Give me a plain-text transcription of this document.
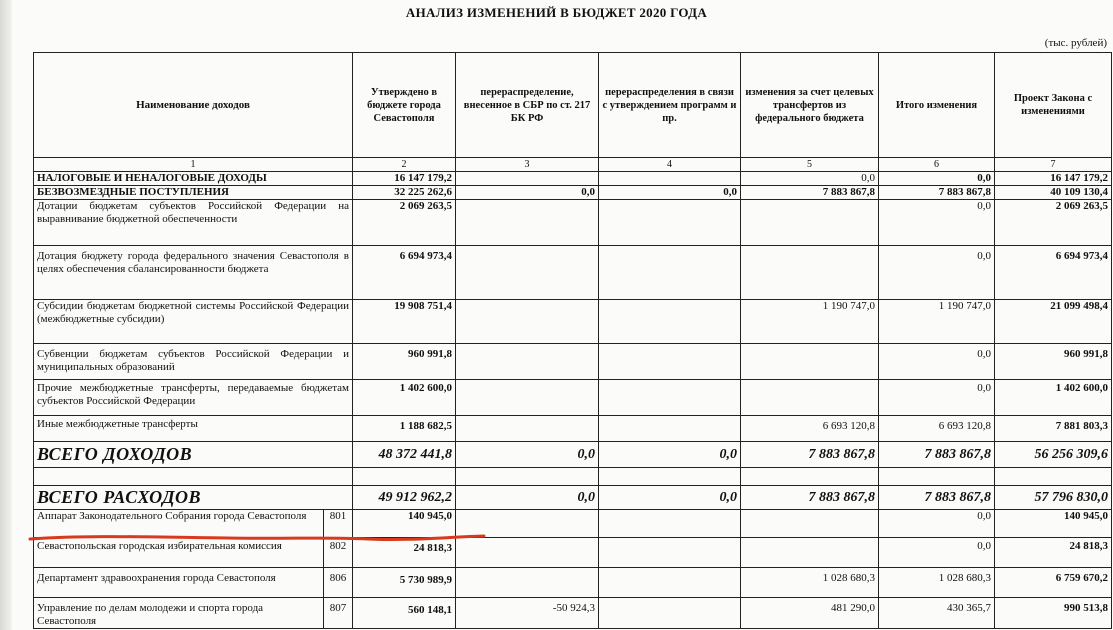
АНАЛИЗ ИЗМЕНЕНИЙ В БЮДЖЕТ 2020 ГОДА
(тыс. рублей)
Наименование доходов		Утверждено в бюджете города Севастополя	перераспределение, внесенное в СБР по ст. 217 БК РФ	перераспределения в связи с утверждением программ и пр.	изменения за счет целевых трансфертов из федерального бюджета	Итого изменения	Проект Закона с изменениями
1		2	3	4	5	6	7
НАЛОГОВЫЕ И НЕНАЛОГОВЫЕ ДОХОДЫ		16 147 179,2			0,0	0,0	16 147 179,2
БЕЗВОЗМЕЗДНЫЕ ПОСТУПЛЕНИЯ		32 225 262,6	0,0	0,0	7 883 867,8	7 883 867,8	40 109 130,4
Дотации бюджетам субъектов Российской Федерации на выравнивание бюджетной обеспеченности		2 069 263,5				0,0	2 069 263,5
Дотация бюджету города федерального значения Севастополя в целях обеспечения сбалансированности бюджета		6 694 973,4				0,0	6 694 973,4
Субсидии бюджетам бюджетной системы Российской Федерации (межбюджетные субсидии)		19 908 751,4			1 190 747,0	1 190 747,0	21 099 498,4
Субвенции бюджетам субъектов Российской Федерации и муниципальных образований		960 991,8				0,0	960 991,8
Прочие межбюджетные трансферты, передаваемые бюджетам субъектов Российской Федерации		1 402 600,0				0,0	1 402 600,0
Иные межбюджетные трансферты		1 188 682,5			6 693 120,8	6 693 120,8	7 881 803,3
ВСЕГО ДОХОДОВ		48 372 441,8	0,0	0,0	7 883 867,8	7 883 867,8	56 256 309,6

ВСЕГО РАСХОДОВ		49 912 962,2	0,0	0,0	7 883 867,8	7 883 867,8	57 796 830,0
Аппарат Законодательного Собрания города Севастополя	801	140 945,0				0,0	140 945,0
Севастопольская городская избирательная комиссия	802	24 818,3				0,0	24 818,3
Департамент здравоохранения города Севастополя	806	5 730 989,9			1 028 680,3	1 028 680,3	6 759 670,2
Управление по делам молодежи и спорта города Севастополя	807	560 148,1	-50 924,3		481 290,0	430 365,7	990 513,8
